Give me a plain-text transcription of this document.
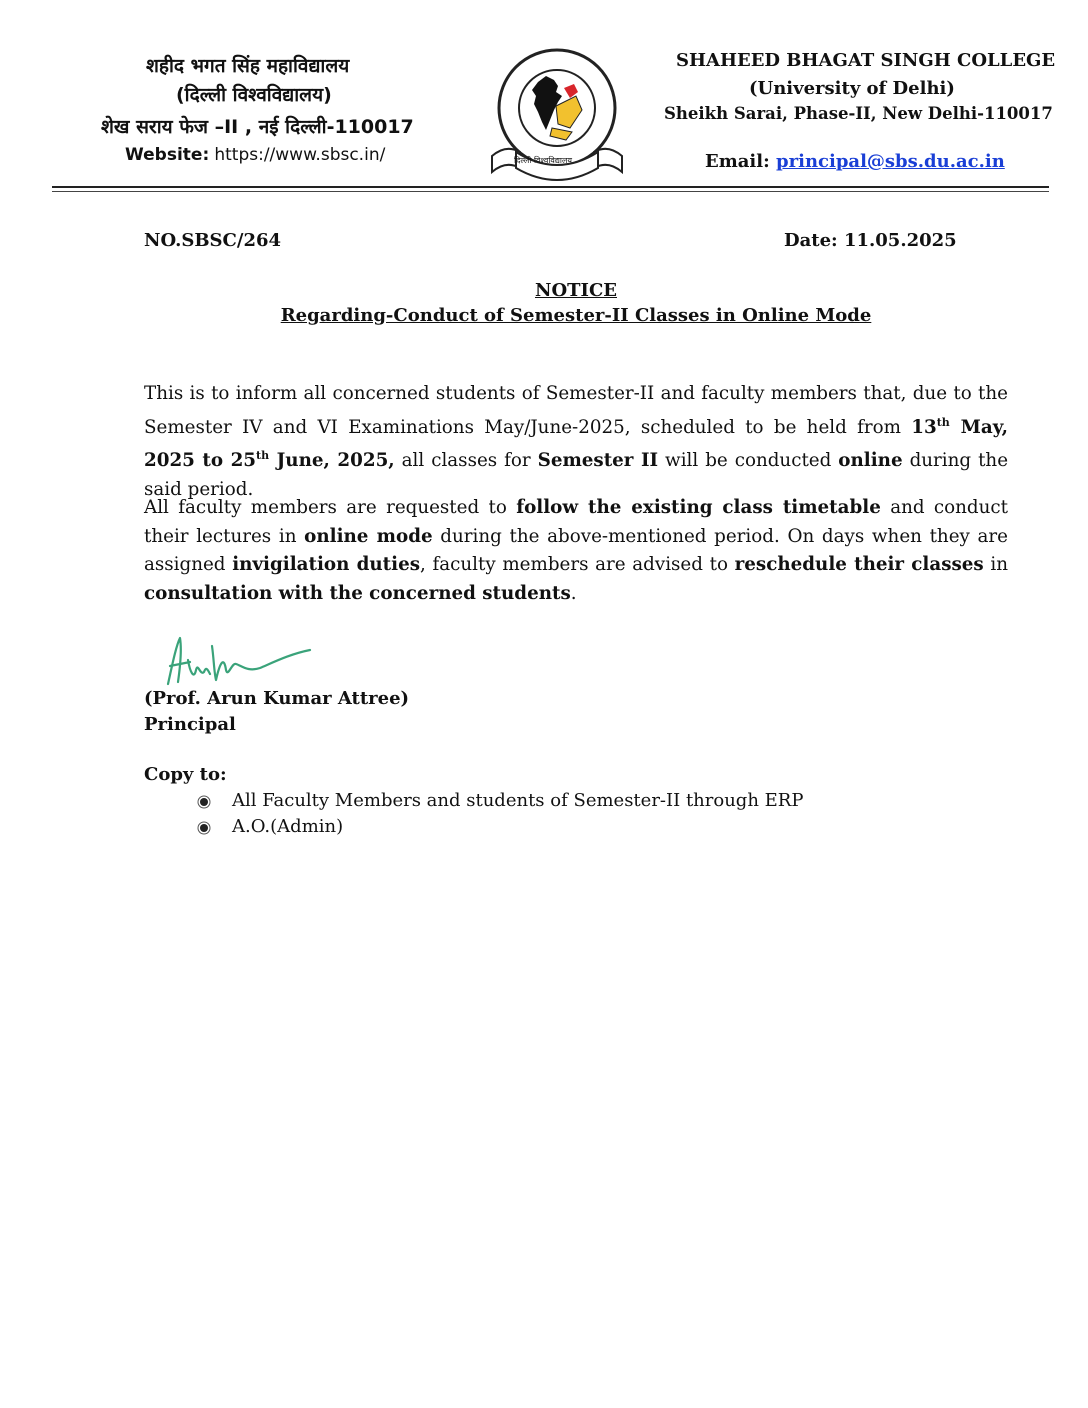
शहीद भगत सिंह महाविद्यालय
(दिल्ली विश्वविद्यालय)
शेख सराय फेज –II , नई दिल्ली-110017
Website: https://www.sbsc.in/	दिल्ली विश्वविद्यालय
SHAHEED BHAGAT SINGH COLLEGE
(University of Delhi)
Sheikh Sarai, Phase-II, New Delhi-110017
Email: principal@sbs.du.ac.in
NO.SBSC/264	Date: 11.05.2025
NOTICE
Regarding-Conduct of Semester-II Classes in Online Mode
This is to inform all concerned students of Semester-II and faculty members that, due to the Semester IV and VI Examinations May/June-2025, scheduled to be held from 13th May, 2025 to 25th June, 2025, all classes for Semester II will be conducted online during the said period.
All faculty members are requested to follow the existing class timetable and conduct their lectures in online mode during the above-mentioned period. On days when they are assigned invigilation duties, faculty members are advised to reschedule their classes in consultation with the concerned students.
(Prof. Arun Kumar Attree)
Principal
Copy to:
All Faculty Members and students of Semester-II through ERP
A.O.(Admin)
